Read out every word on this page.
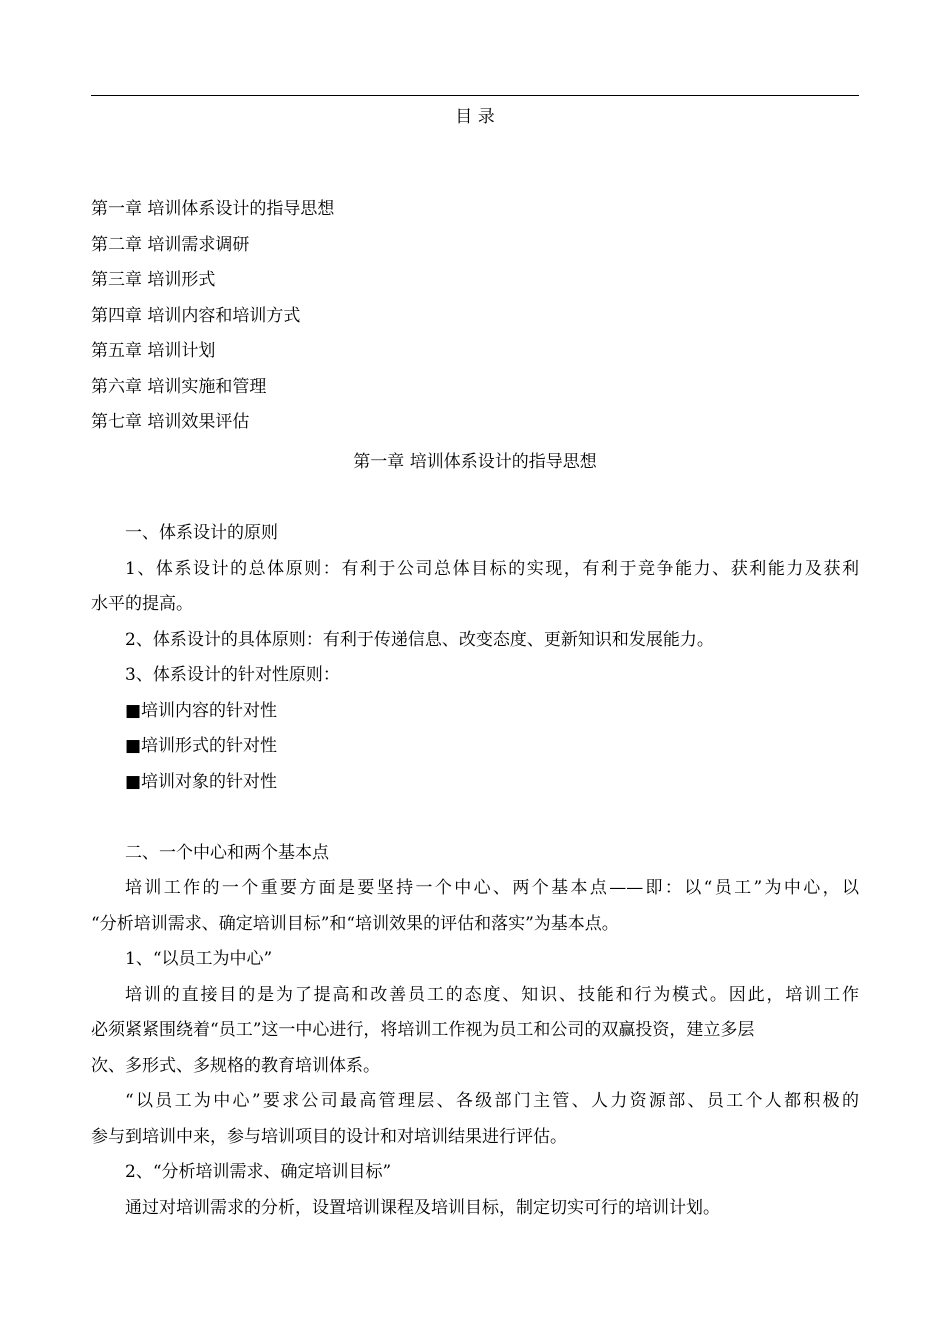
目 录
第一章 培训体系设计的指导思想
第二章 培训需求调研
第三章 培训形式
第四章 培训内容和培训方式
第五章 培训计划
第六章 培训实施和管理
第七章 培训效果评估
第一章 培训体系设计的指导思想

一、体系设计的原则

1、体系设计的总体原则：有利于公司总体目标的实现，有利于竞争能力、获利能力及获利

水平的提高。

2、体系设计的具体原则：有利于传递信息、改变态度、更新知识和发展能力。

3、体系设计的针对性原则：

■培训内容的针对性

■培训形式的针对性

■培训对象的针对性

二、一个中心和两个基本点

培训工作的一个重要方面是要坚持一个中心、两个基本点——即：以“员工”为中心，以

“分析培训需求、确定培训目标”和“培训效果的评估和落实”为基本点。

1、“以员工为中心”

培训的直接目的是为了提高和改善员工的态度、知识、技能和行为模式。因此，培训工作

必须紧紧围绕着“员工”这一中心进行，将培训工作视为员工和公司的双赢投资，建立多层

次、多形式、多规格的教育培训体系。

“以员工为中心”要求公司最高管理层、各级部门主管、人力资源部、员工个人都积极的

参与到培训中来，参与培训项目的设计和对培训结果进行评估。

2、“分析培训需求、确定培训目标”

通过对培训需求的分析，设置培训课程及培训目标，制定切实可行的培训计划。
